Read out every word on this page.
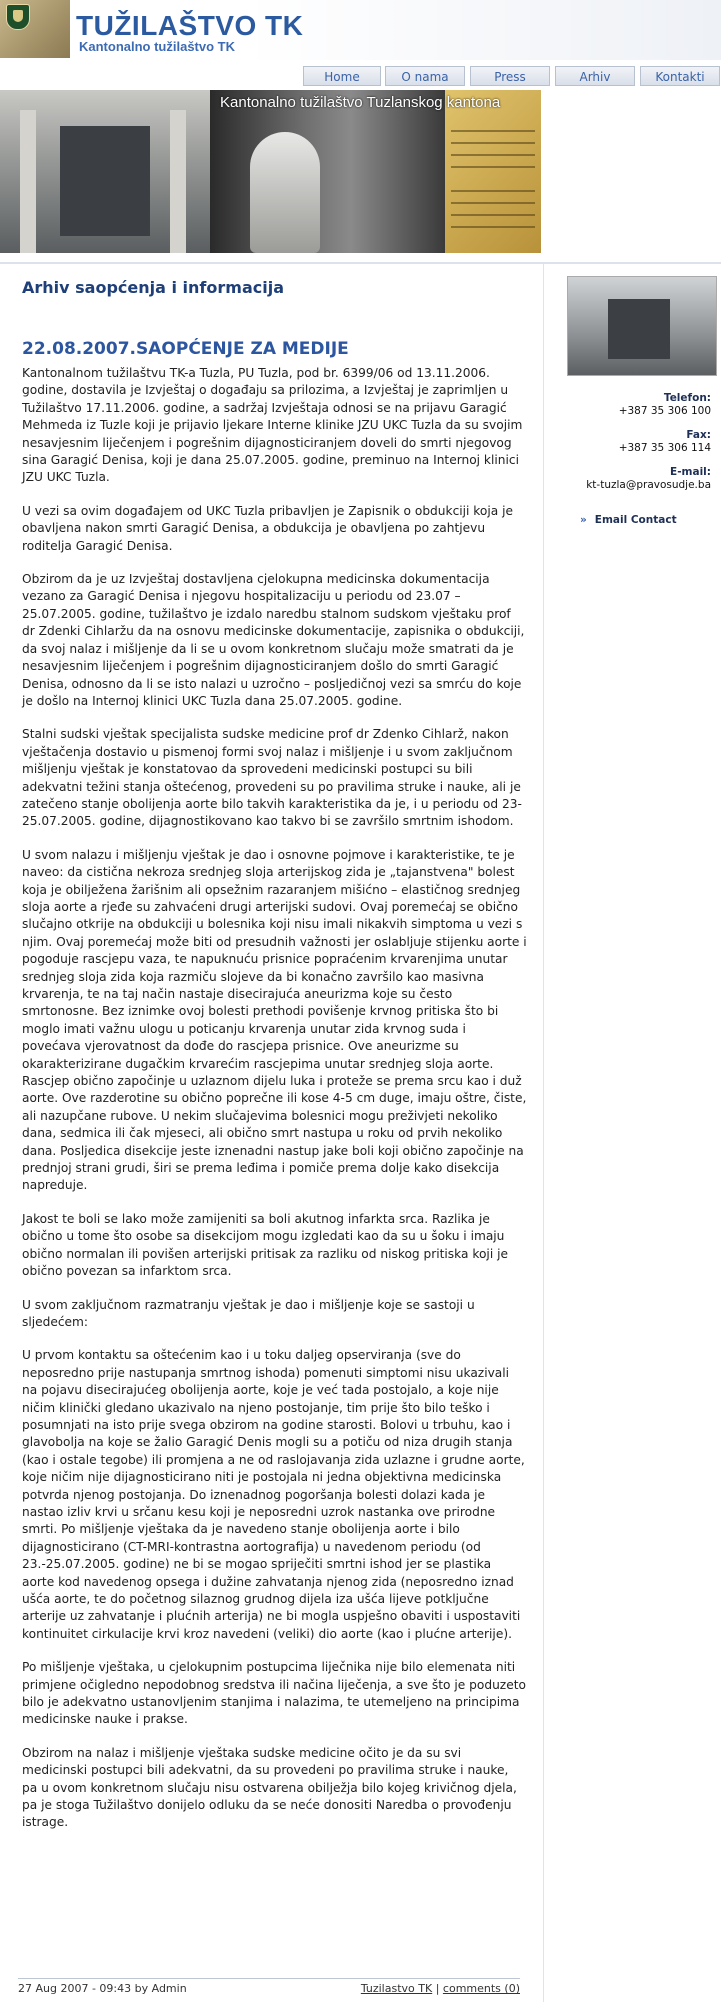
TUŽILAŠTVO TK
Kantonalno tužilaštvo TK
Home	O nama	Press	Arhiv	Kontakti
Kantonalno tužilaštvo Tuzlanskog kantona
Arhiv saopćenja i informacija
22.08.2007.SAOPĆENJE ZA MEDIJE

Kantonalnom tužilaštvu TK-a Tuzla, PU Tuzla, pod br. 6399/06 od 13.11.2006. godine, dostavila je Izvještaj o događaju sa prilozima, a Izvještaj je zaprimljen u Tužilaštvo 17.11.2006. godine, a sadržaj Izvještaja odnosi se na prijavu Garagić Mehmeda iz Tuzle koji je prijavio ljekare Interne klinike JZU UKC Tuzla da su svojim nesavjesnim liječenjem i pogrešnim dijagnosticiranjem doveli do smrti njegovog sina Garagić Denisa, koji je dana 25.07.2005. godine, preminuo na Internoj klinici JZU UKC Tuzla.

U vezi sa ovim događajem od UKC Tuzla pribavljen je Zapisnik o obdukciji koja je obavljena nakon smrti Garagić Denisa, a obdukcija je obavljena po zahtjevu roditelja Garagić Denisa.

Obzirom da je uz Izvještaj dostavljena cjelokupna medicinska dokumentacija vezano za Garagić Denisa i njegovu hospitalizaciju u periodu od 23.07 – 25.07.2005. godine, tužilaštvo je izdalo naredbu stalnom sudskom vještaku prof dr Zdenki Cihlaržu da na osnovu medicinske dokumentacije, zapisnika o obdukciji, da svoj nalaz i mišljenje da li se u ovom konkretnom slučaju može smatrati da je nesavjesnim liječenjem i pogrešnim dijagnosticiranjem došlo do smrti Garagić Denisa, odnosno da li se isto nalazi u uzročno – posljedičnoj vezi sa smrću do koje je došlo na Internoj klinici UKC Tuzla dana 25.07.2005. godine.

Stalni sudski vještak specijalista sudske medicine prof dr Zdenko Cihlarž, nakon vještačenja dostavio u pismenoj formi svoj nalaz i mišljenje i u svom zaključnom mišljenju vještak je konstatovao da sprovedeni medicinski postupci su bili adekvatni težini stanja oštećenog, provedeni su po pravilima struke i nauke, ali je zatečeno stanje obolijenja aorte bilo takvih karakteristika da je, i u periodu od 23-25.07.2005. godine, dijagnostikovano kao takvo bi se završilo smrtnim ishodom.

U svom nalazu i mišljenju vještak je dao i osnovne pojmove i karakteristike, te je naveo: da cistična nekroza srednjeg sloja arterijskog zida je „tajanstvena" bolest koja je obilježena žarišnim ali opsežnim razaranjem mišićno – elastičnog srednjeg sloja aorte a rjeđe su zahvaćeni drugi arterijski sudovi. Ovaj poremećaj se obično slučajno otkrije na obdukciji u bolesnika koji nisu imali nikakvih simptoma u vezi s njim. Ovaj poremećaj može biti od presudnih važnosti jer oslabljuje stijenku aorte i pogoduje rascjepu vaza, te napuknuću prisnice popraćenim krvarenjima unutar srednjeg sloja zida koja razmiču slojeve da bi konačno završilo kao masivna krvarenja, te na taj način nastaje disecirajuća aneurizma koje su često smrtonosne. Bez iznimke ovoj bolesti prethodi povišenje krvnog pritiska što bi moglo imati važnu ulogu u poticanju krvarenja unutar zida krvnog suda i povećava vjerovatnost da dođe do rascjepa prisnice. Ove aneurizme su okarakterizirane dugačkim krvarećim rascjepima unutar srednjeg sloja aorte. Rascjep obično započinje u uzlaznom dijelu luka i proteže se prema srcu kao i duž aorte. Ove razderotine su obično poprečne ili kose 4-5 cm duge, imaju oštre, čiste, ali nazupčane rubove. U nekim slučajevima bolesnici mogu preživjeti nekoliko dana, sedmica ili čak mjeseci, ali obično smrt nastupa u roku od prvih nekoliko dana. Posljedica disekcije jeste iznenadni nastup jake boli koji obično započinje na prednjoj strani grudi, širi se prema leđima i pomiče prema dolje kako disekcija napreduje.

Jakost te boli se lako može zamijeniti sa boli akutnog infarkta srca. Razlika je obično u tome što osobe sa disekcijom mogu izgledati kao da su u šoku i imaju obično normalan ili povišen arterijski pritisak za razliku od niskog pritiska koji je obično povezan sa infarktom srca.

U svom zaključnom razmatranju vještak je dao i mišljenje koje se sastoji u sljedećem:

U prvom kontaktu sa oštećenim kao i u toku daljeg opserviranja (sve do neposredno prije nastupanja smrtnog ishoda) pomenuti simptomi nisu ukazivali na pojavu disecirajućeg obolijenja aorte, koje je već tada postojalo, a koje nije ničim klinički gledano ukazivalo na njeno postojanje, tim prije što bilo teško i posumnjati na isto prije svega obzirom na godine starosti. Bolovi u trbuhu, kao i glavobolja na koje se žalio Garagić Denis mogli su a potiču od niza drugih stanja (kao i ostale tegobe) ili promjena a ne od raslojavanja zida uzlazne i grudne aorte, koje ničim nije dijagnosticirano niti je postojala ni jedna objektivna medicinska potvrda njenog postojanja. Do iznenadnog pogoršanja bolesti dolazi kada je nastao izliv krvi u srčanu kesu koji je neposredni uzrok nastanka ove prirodne smrti. Po mišljenje vještaka da je navedeno stanje obolijenja aorte i bilo dijagnosticirano (CT-MRI-kontrastna aortografija) u navedenom periodu (od 23.-25.07.2005. godine) ne bi se mogao spriječiti smrtni ishod jer se plastika aorte kod navedenog opsega i dužine zahvatanja njenog zida (neposredno iznad ušća aorte, te do početnog silaznog grudnog dijela iza ušća lijeve potključne arterije uz zahvatanje i plućnih arterija) ne bi mogla uspješno obaviti i uspostaviti kontinuitet cirkulacije krvi kroz navedeni (veliki) dio aorte (kao i plućne arterije).

Po mišljenje vještaka, u cjelokupnim postupcima liječnika nije bilo elemenata niti primjene očigledno nepodobnog sredstva ili načina liječenja, a sve što je poduzeto bilo je adekvatno ustanovljenim stanjima i nalazima, te utemeljeno na principima medicinske nauke i prakse.

Obzirom na nalaz i mišljenje vještaka sudske medicine očito je da su svi medicinski postupci bili adekvatni, da su provedeni po pravilima struke i nauke, pa u ovom konkretnom slučaju nisu ostvarena obilježja bilo kojeg krivičnog djela, pa je stoga Tužilaštvo donijelo odluku da se neće donositi Naredba o provođenju istrage.

27 Aug 2007 - 09:43 by Admin	Tuzilastvo TK | comments (0)
Telefon:
+387 35 306 100
Fax:
+387 35 306 114
E-mail:
kt-tuzla@pravosudje.ba
» Email Contact
